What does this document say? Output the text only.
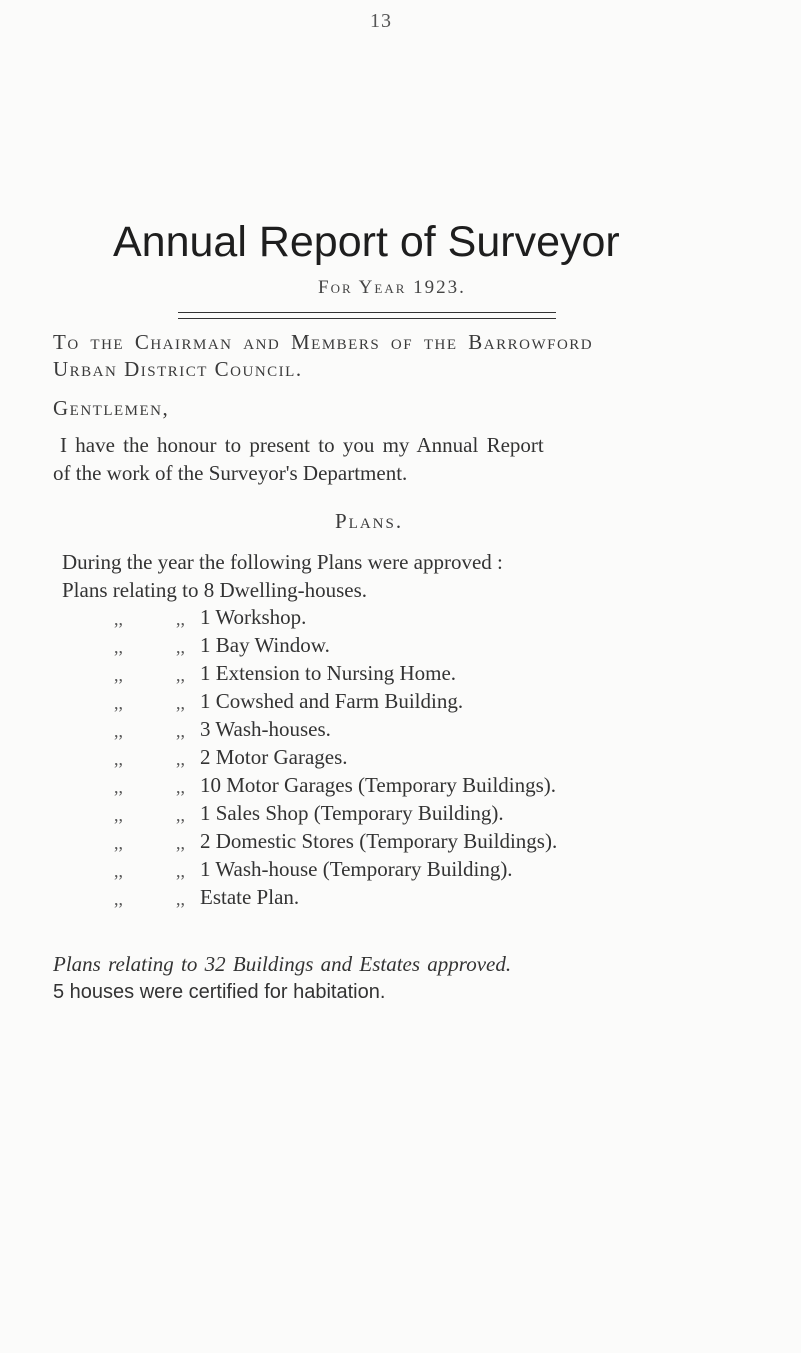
13
Annual Report of Surveyor
For Year 1923.
To the Chairman and Members of the Barrowford
Urban District Council.
Gentlemen,
I have the honour to present to you my Annual Report
of the work of the Surveyor's Department.
Plans.
During the year the following Plans were approved :
Plans relating to 8 Dwelling-houses.
,,	,, 1 Workshop.
,,	,, 1 Bay Window.
,,	,, 1 Extension to Nursing Home.
,,	,, 1 Cowshed and Farm Building.
,,	,, 3 Wash-houses.
,,	,, 2 Motor Garages.
,,	,, 10 Motor Garages (Temporary Buildings).
,,	,, 1 Sales Shop (Temporary Building).
,,	,, 2 Domestic Stores (Temporary Buildings).
,,	,, 1 Wash-house (Temporary Building).
,,	,, Estate Plan.
Plans relating to 32 Buildings and Estates approved.
5 houses were certified for habitation.
